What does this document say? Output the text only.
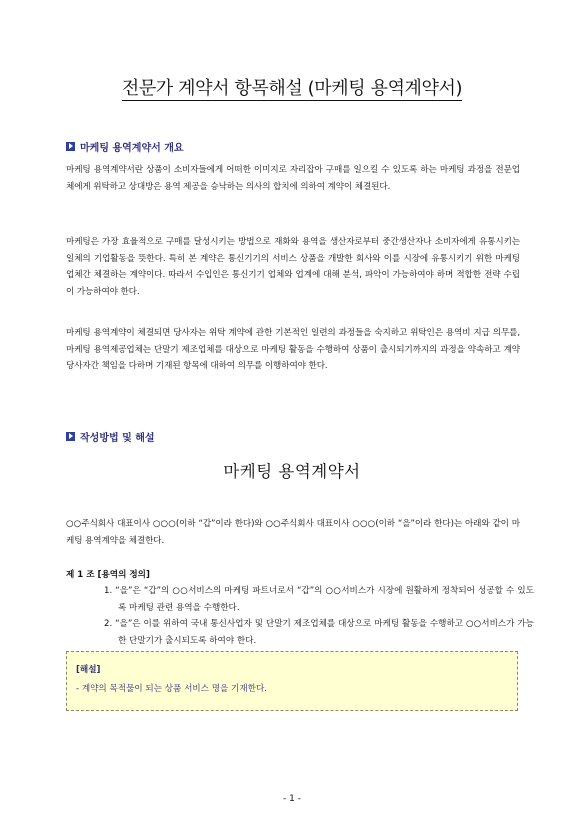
전문가 계약서 항목해설 (마케팅 용역계약서)
마케팅 용역계약서 개요
마케팅 용역계약서란 상품이 소비자들에게 어떠한 이미지로 자리잡아 구매를 일으킬 수 있도록 하는 마케팅 과정을 전문업체에게 위탁하고 상대방은 용역 제공을 승낙하는 의사의 합치에 의하여 계약이 체결된다.
마케팅은 가장 효율적으로 구매를 달성시키는 방법으로 재화와 용역을 생산자로부터 중간생산자나 소비자에게 유통시키는 일체의 기업활동을 뜻한다. 특히 본 계약은 통신기기의 서비스 상품을 개발한 회사와 이를 시장에 유통시키기 위한 마케팅 업체간 체결하는 계약이다. 따라서 수입인은 통신기기 업체와 업계에 대해 분석, 파악이 가능하여야 하며 적합한 전략 수립이 가능하여야 한다.
마케팅 용역계약이 체결되면 당사자는 위탁 계약에 관한 기본적인 일련의 과정들을 숙지하고 위탁인은 용역비 지급 의무를, 마케팅 용역제공업체는 단말기 제조업체를 대상으로 마케팅 활동을 수행하여 상품이 출시되기까지의 과정을 약속하고 계약 당사자간 책임을 다하며 기재된 항목에 대하여 의무를 이행하여야 한다.
작성방법 및 해설
마케팅 용역계약서
○○주식회사 대표이사 ○○○(이하 “갑”이라 한다)와 ○○주식회사 대표이사 ○○○(이하 “을”이라 한다)는 아래와 같이 마케팅 용역계약을 체결한다.
제 1 조 [용역의 정의]
1. “을”은 “갑”의 ○○서비스의 마케팅 파트너로서 “갑”의 ○○서비스가 시장에 원활하게 정착되어 성공할 수 있도록 마케팅 관련 용역을 수행한다.
2. “을”은 이를 위하여 국내 통신사업자 및 단말기 제조업체를 대상으로 마케팅 활동을 수행하고 ○○서비스가 가능한 단말기가 출시되도록 하여야 한다.
[해설]
- 계약의 목적물이 되는 상품 서비스 명을 기재한다.
- 1 -
